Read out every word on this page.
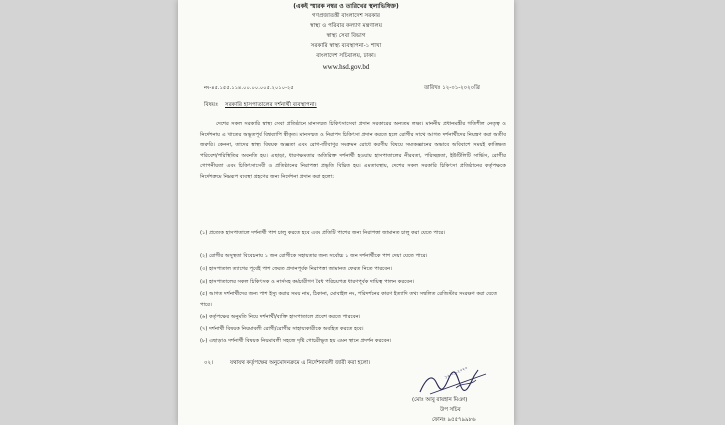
(একই স্মারক নম্বর ও তারিখের স্থলাভিষিক্ত)
গণপ্রজাতন্ত্রী বাংলাদেশ সরকার
স্বাস্থ্য ও পরিবার কল্যাণ মন্ত্রণালয়
স্বাস্থ্য সেবা বিভাগ
সরকারি স্বাস্থ্য ব্যবস্থাপনা-১ শাখা
বাংলাদেশ সচিবালয়, ঢাকা।
www.hsd.gov.bd
নং-৪৫.১৫৫.১১৪.০০.০০.০০৫.২০১০-২৫	তারিখঃ ১২-০১-২০২০খ্রি
বিষয়ঃ সরকারি হাসপাতালের দর্শনার্থী ব্যবস্থাপনা।
দেশের সকল সরকারি স্বাস্থ্য সেবা প্রতিষ্ঠানে মানসম্মত চিকিৎসাসেবা প্রদান সরকারের অন্যতম লক্ষ্য। মাননীয় প্রধানমন্ত্রীর গতিশীল নেতৃত্ব ও নির্দেশনায় এ খাতের অভূতপূর্ব বিশ্বব্যাপি স্বীকৃত। মানসম্মত ও নিরাপদ চিকিৎসা প্রদান করতে হলে রোগীর সাথে আগত দর্শনার্থীদের নিয়ন্ত্রণ করা অতীব জরুরি। কেননা, তাদের স্বাস্থ্য বিষয়ক অজ্ঞতা এবং রোগ-জীবাণুর সংক্রমন রোধে করণীয় বিষয়ে সম্যকজ্ঞানের অভাবে অবিবাশে সময়ই কাঙ্ক্ষিত পরিবেশ/পরিস্থিতির অবনতি হয়। এছাড়া, ধারণক্ষমতার অতিরিক্ত দর্শনার্থী হওয়ায় হাসপাতালের নীরবতা, পরিচ্ছন্নতা, ইউটিলিটি সার্ভিস, রোগীর গোপনীয়তা এবং চিকিৎসাসেবী ও প্রতিষ্ঠানের নিরাপত্তা প্রভৃতি বিঘ্নিত হয়। এমতাবস্থায়, দেশের সকল সরকারি চিকিৎসা প্রতিষ্ঠানের কর্তৃপক্ষকে নির্দেশক্রমে নিম্নরূপ ব্যবস্থা গ্রহণের জন্য নির্দেশনা প্রদান করা হলো:
(১) প্রত্যেক হাসপাতালে দর্শনার্থী পাশ চালু করতে হবে এবং প্রতিটি পাশের জন্য নিরাপত্তা জামানত চালু করা যেতে পারে।
(২) রোগীর অসুস্থতা বিবেচনায় ১ জন রোগীকে সহায়তার জন্য সর্বোচ্চ ১ জন দর্শনার্থীকে পাশ দেয়া যেতে পারে।
(৩) হাসপাতাল ত্যাগের পূর্বেই পাশ ফেরত প্রদানপূর্বক নিরাপত্তা জামানত ফেরত নিতে পারবেন।
(৪) হাসপাতালের সকল চিকিৎসক ও নার্সসহ কর্মচারীগণ বৈধ পরিচয়পত্র ধারণপূর্বক দায়িত্ব পালন করবেন।
(৫) আগত দর্শনার্থীদের জন্য পাশ ইস্যু করার সময় নাম, ঠিকানা, মোবাইল নং, পরিদর্শনের কারণ ইত্যাদি তথ্য সম্বলিত রেজিস্টার সংরক্ষণ করা যেতে পারে।
(৬) কর্তৃপক্ষের অনুমতি নিয়ে দর্শনার্থী/ব্যক্তি হাসপাতালে প্রবেশ করতে পারবেন।
(৭) দর্শনার্থী বিষয়ক নিয়মাবলী রোগী/রোগীর সাহায্যকারীকে অবহিত করতে হবে।
(৮) এছাড়াও দর্শনার্থী বিষয়ক নিয়মাবলী সহজে দৃষ্টি গোচরীভূত হয় এমন স্থানে প্রদর্শন করবেন।
০২।	যথাযথ কর্তৃপক্ষের অনুমোদনক্রমে এ নির্দেশনাবলী জারী করা হলো।
১২-০১-২০২০
(মোঃ আবু রায়হান মিঞা)
উপ সচিব
ফোনঃ ৯৫৫৭৯৯৮৬
